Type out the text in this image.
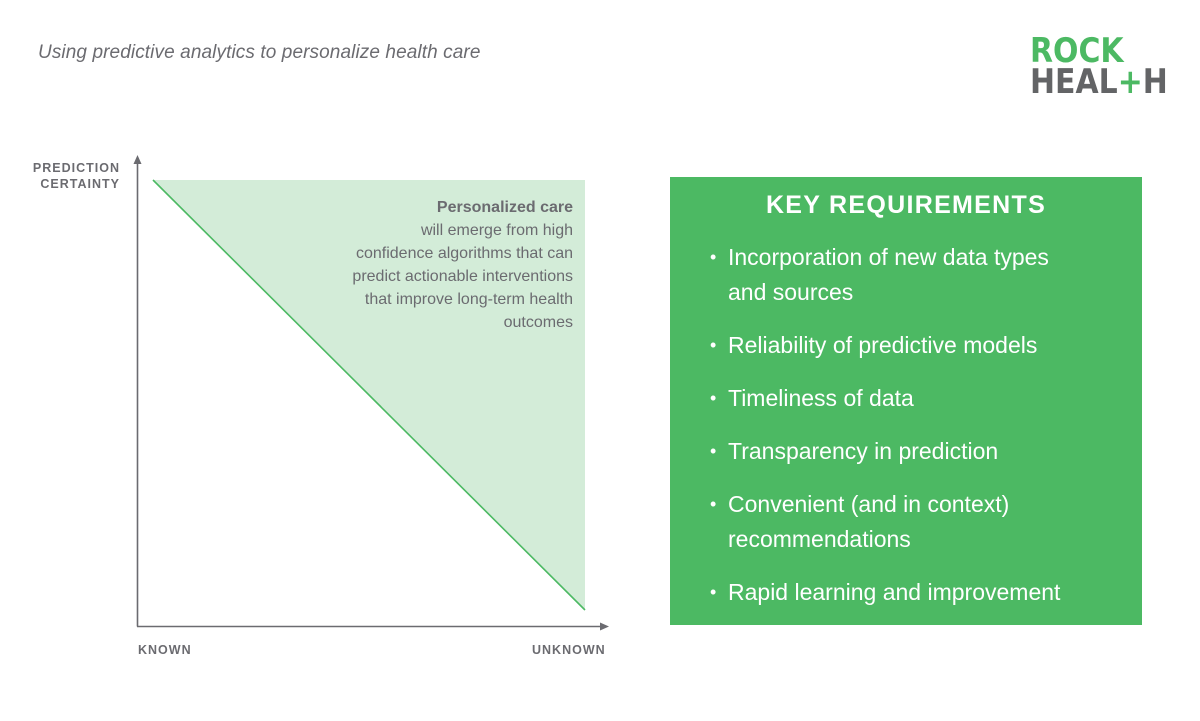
Using predictive analytics to personalize health care	ROCK
HEAL+H
PREDICTION
CERTAINTY
Personalized care
will emerge from high
confidence algorithms that can
predict actionable interventions
that improve long-term health
outcomes
KNOWN	UNKNOWN
KEY REQUIREMENTS
• Incorporation of new data types
and sources
• Reliability of predictive models
• Timeliness of data
• Transparency in prediction
• Convenient (and in context)
recommendations
• Rapid learning and improvement
